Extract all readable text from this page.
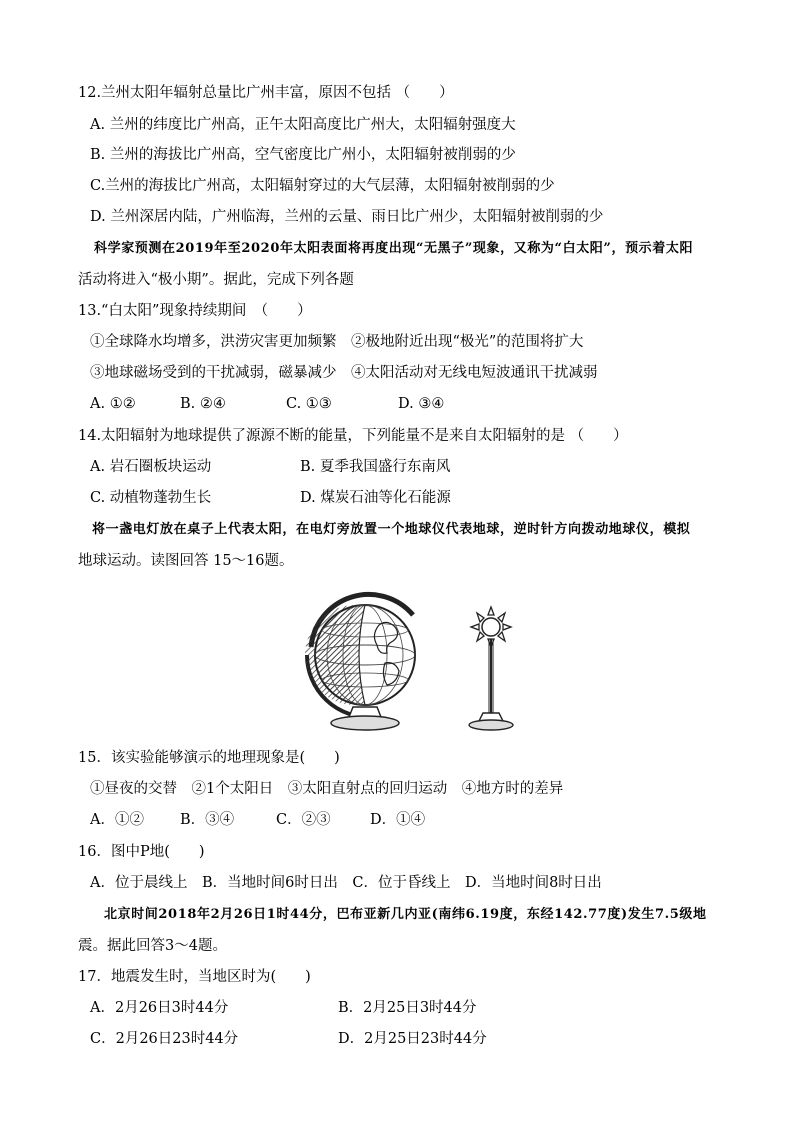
12.兰州太阳年辐射总量比广州丰富，原因不包括 （　　）
A. 兰州的纬度比广州高，正午太阳高度比广州大，太阳辐射强度大
B. 兰州的海拔比广州高，空气密度比广州小，太阳辐射被削弱的少
C.兰州的海拔比广州高，太阳辐射穿过的大气层薄，太阳辐射被削弱的少
D. 兰州深居内陆，广州临海，兰州的云量、雨日比广州少，太阳辐射被削弱的少
科学家预测在2019年至2020年太阳表面将再度出现“无黑子”现象，又称为“白太阳”，预示着太阳
活动将进入“极小期”。据此，完成下列各题
13.“白太阳”现象持续期间　（　　）
①全球降水均增多，洪涝灾害更加频繁　②极地附近出现“极光”的范围将扩大
③地球磁场受到的干扰减弱，磁暴减少　④太阳活动对无线电短波通讯干扰减弱
A. ①②	B. ②④	C. ①③	D. ③④
14.太阳辐射为地球提供了源源不断的能量，下列能量不是来自太阳辐射的是 （　　）
A. 岩石圈板块运动	B. 夏季我国盛行东南风
C. 动植物蓬勃生长	D. 煤炭石油等化石能源
将一盏电灯放在桌子上代表太阳，在电灯旁放置一个地球仪代表地球，逆时针方向拨动地球仪，模拟
地球运动。读图回答 15～16题。
15．该实验能够演示的地理现象是(　　)
①昼夜的交替　②1个太阳日　③太阳直射点的回归运动　④地方时的差异
A．①② B．③④	C．②③	D．①④
16．图中P地(　　)
A．位于晨线上　B．当地时间6时日出　C．位于昏线上　D．当地时间8时日出
北京时间2018年2月26日1时44分，巴布亚新几内亚(南纬6.19度，东经142.77度)发生7.5级地
震。据此回答3～4题。
17．地震发生时，当地区时为(　　)
A．2月26日3时44分	B．2月25日3时44分
C．2月26日23时44分	D．2月25日23时44分
